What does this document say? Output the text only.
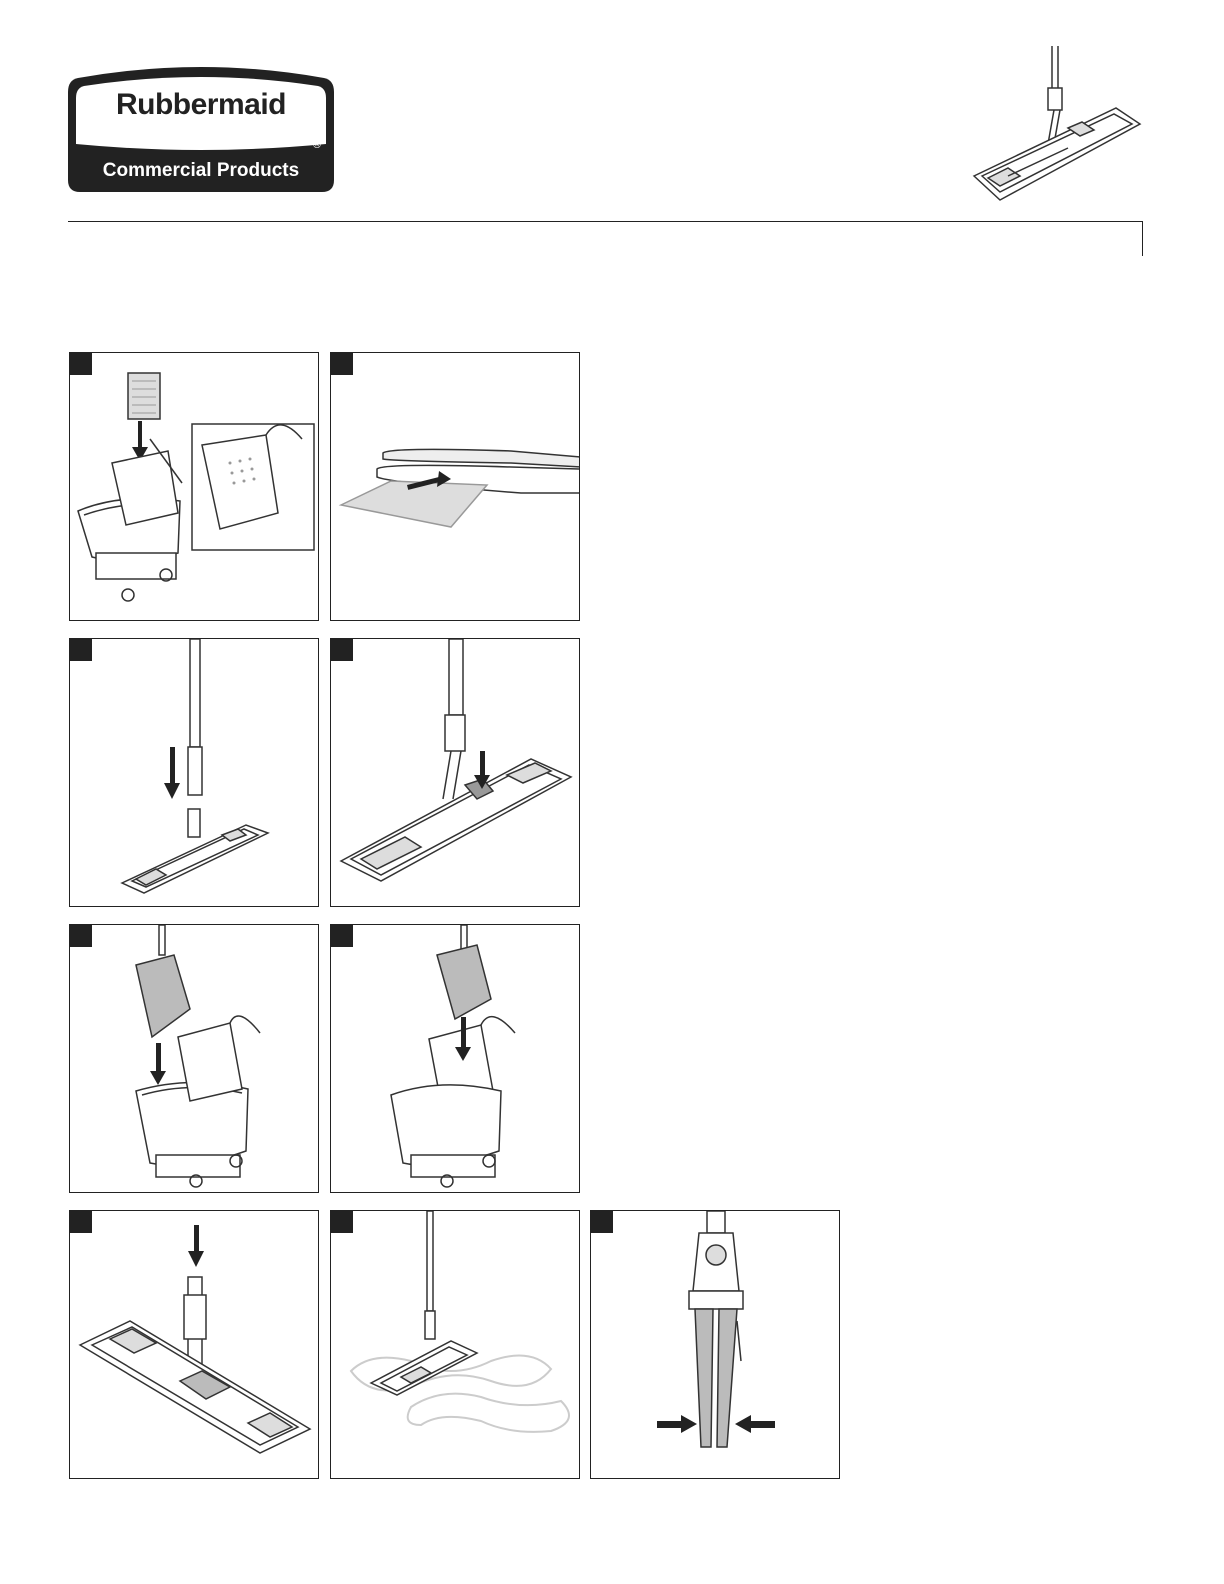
Rubbermaid
®
Commercial Products
